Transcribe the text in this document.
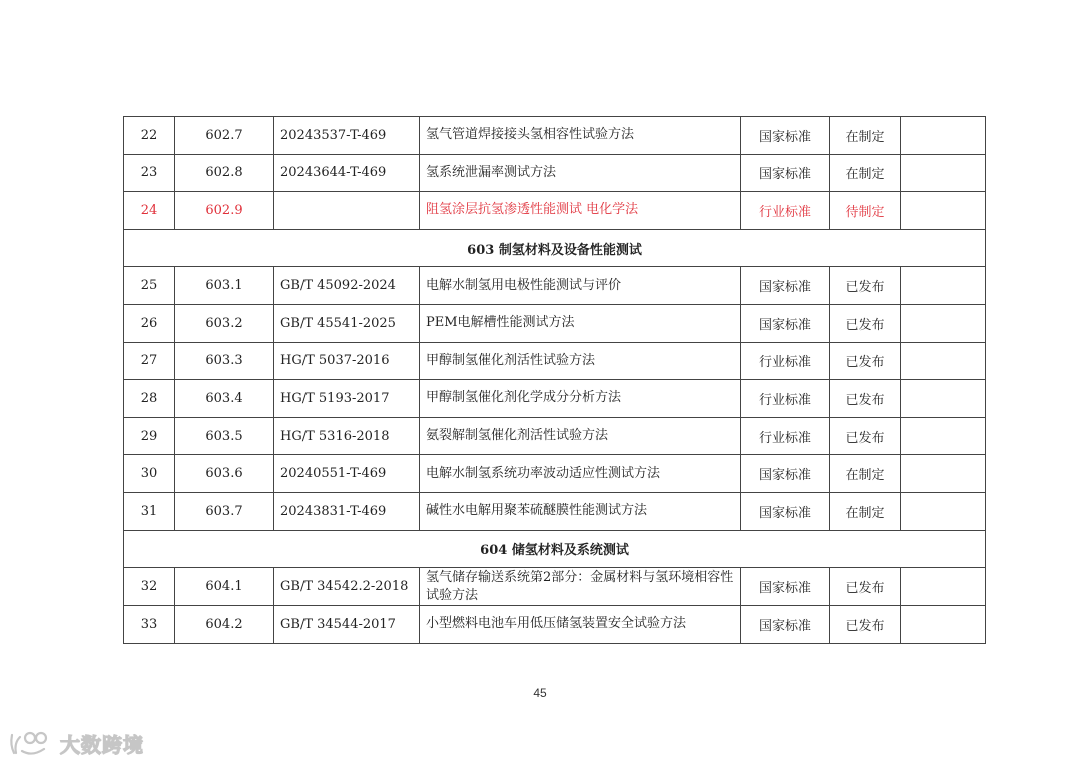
22	602.7	20243537-T-469	氢气管道焊接接头氢相容性试验方法	国家标准	在制定	
23	602.8	20243644-T-469	氢系统泄漏率测试方法	国家标准	在制定	
24	602.9		阻氢涂层抗氢渗透性能测试 电化学法	行业标准	待制定	
603 制氢材料及设备性能测试						
25	603.1	GB/T 45092-2024	电解水制氢用电极性能测试与评价	国家标准	已发布	
26	603.2	GB/T 45541-2025	PEM电解槽性能测试方法	国家标准	已发布	
27	603.3	HG/T 5037-2016	甲醇制氢催化剂活性试验方法	行业标准	已发布	
28	603.4	HG/T 5193-2017	甲醇制氢催化剂化学成分分析方法	行业标准	已发布	
29	603.5	HG/T 5316-2018	氨裂解制氢催化剂活性试验方法	行业标准	已发布	
30	603.6	20240551-T-469	电解水制氢系统功率波动适应性测试方法	国家标准	在制定	
31	603.7	20243831-T-469	碱性水电解用聚苯硫醚膜性能测试方法	国家标准	在制定	
604 储氢材料及系统测试						
32	604.1	GB/T 34542.2-2018	氢气储存输送系统第2部分：金属材料与氢环境相容性试验方法	国家标准	已发布	
33	604.2	GB/T 34544-2017	小型燃料电池车用低压储氢装置安全试验方法	国家标准	已发布	
45
大数跨境
